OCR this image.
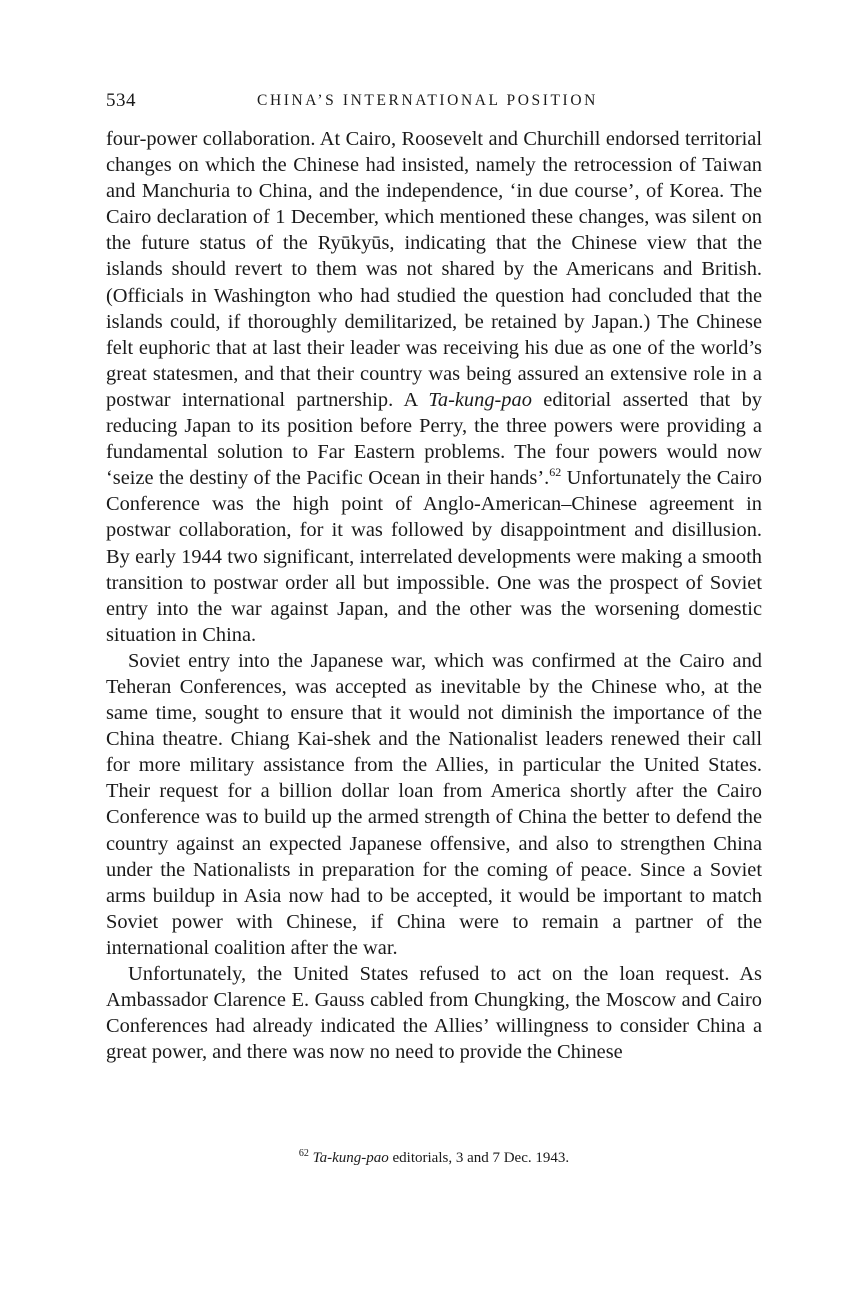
534	CHINA’S INTERNATIONAL POSITION

four-power collaboration. At Cairo, Roosevelt and Churchill endorsed territorial changes on which the Chinese had insisted, namely the retrocession of Taiwan and Manchuria to China, and the independence, ‘in due course’, of Korea. The Cairo declaration of 1 December, which mentioned these changes, was silent on the future status of the Ryūkyūs, indicating that the Chinese view that the islands should revert to them was not shared by the Americans and British. (Officials in Washington who had studied the question had concluded that the islands could, if thoroughly demilitarized, be retained by Japan.) The Chinese felt euphoric that at last their leader was receiving his due as one of the world’s great statesmen, and that their country was being assured an extensive role in a postwar international partnership. A Ta-kung-pao editorial asserted that by reducing Japan to its position before Perry, the three powers were providing a fundamental solution to Far Eastern problems. The four powers would now ‘seize the destiny of the Pacific Ocean in their hands’.$^{62}$ Unfortunately the Cairo Conference was the high point of Anglo-American–Chinese agreement in postwar collaboration, for it was followed by disappointment and disillusion. By early 1944 two significant, interrelated developments were making a smooth transition to postwar order all but impossible. One was the prospect of Soviet entry into the war against Japan, and the other was the worsening domestic situation in China.

Soviet entry into the Japanese war, which was confirmed at the Cairo and Teheran Conferences, was accepted as inevitable by the Chinese who, at the same time, sought to ensure that it would not diminish the importance of the China theatre. Chiang Kai-shek and the Nationalist leaders renewed their call for more military assistance from the Allies, in particular the United States. Their request for a billion dollar loan from America shortly after the Cairo Conference was to build up the armed strength of China the better to defend the country against an expected Japanese offensive, and also to strengthen China under the Nationalists in preparation for the coming of peace. Since a Soviet arms buildup in Asia now had to be accepted, it would be important to match Soviet power with Chinese, if China were to remain a partner of the international coalition after the war.

Unfortunately, the United States refused to act on the loan request. As Ambassador Clarence E. Gauss cabled from Chungking, the Moscow and Cairo Conferences had already indicated the Allies’ willingness to consider China a great power, and there was now no need to provide the Chinese

$^{62}$ Ta-kung-pao editorials, 3 and 7 Dec. 1943.
